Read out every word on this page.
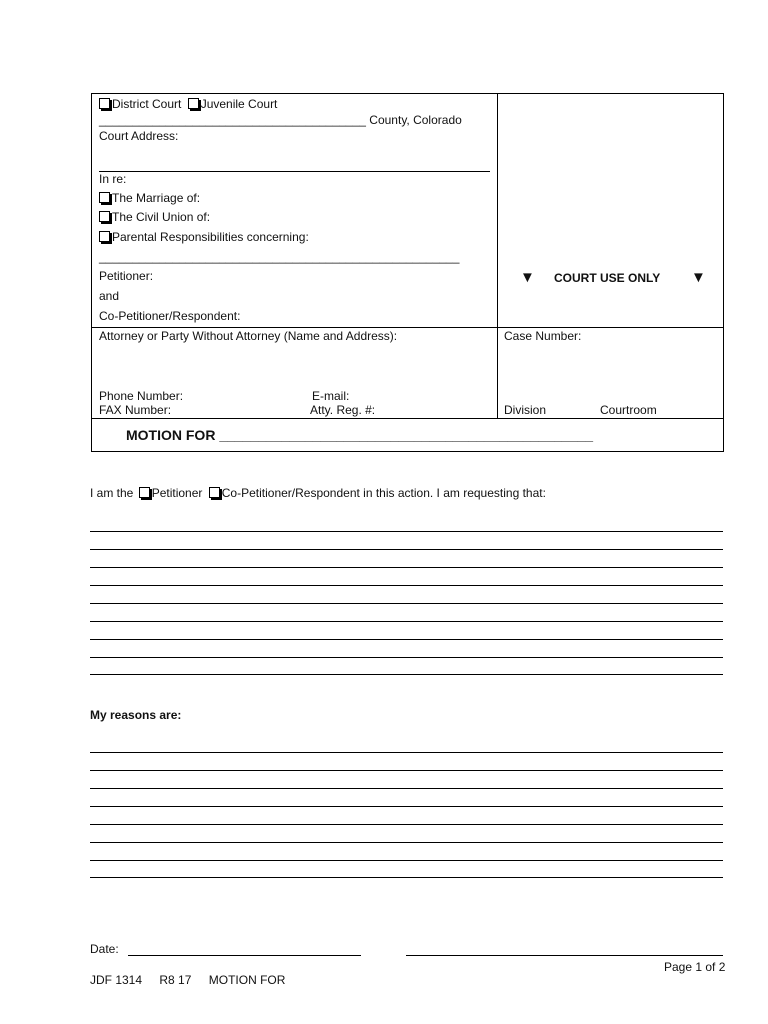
District Court Juvenile Court
________________________________________ County, Colorado
Court Address:
In re:
The Marriage of:
The Civil Union of:
Parental Responsibilities concerning:
______________________________________________________
Petitioner:
and
Co-Petitioner/Respondent:
▼ COURT USE ONLY ▼
Attorney or Party Without Attorney (Name and Address):
Phone Number:	E-mail:
FAX Number:	Atty. Reg. #:
Case Number:
Division	Courtroom
MOTION FOR ________________________________________________
I am the Petitioner Co-Petitioner/Respondent in this action. I am requesting that:
My reasons are:
Date:
Page 1 of 2
JDF 1314 R8 17 MOTION FOR
